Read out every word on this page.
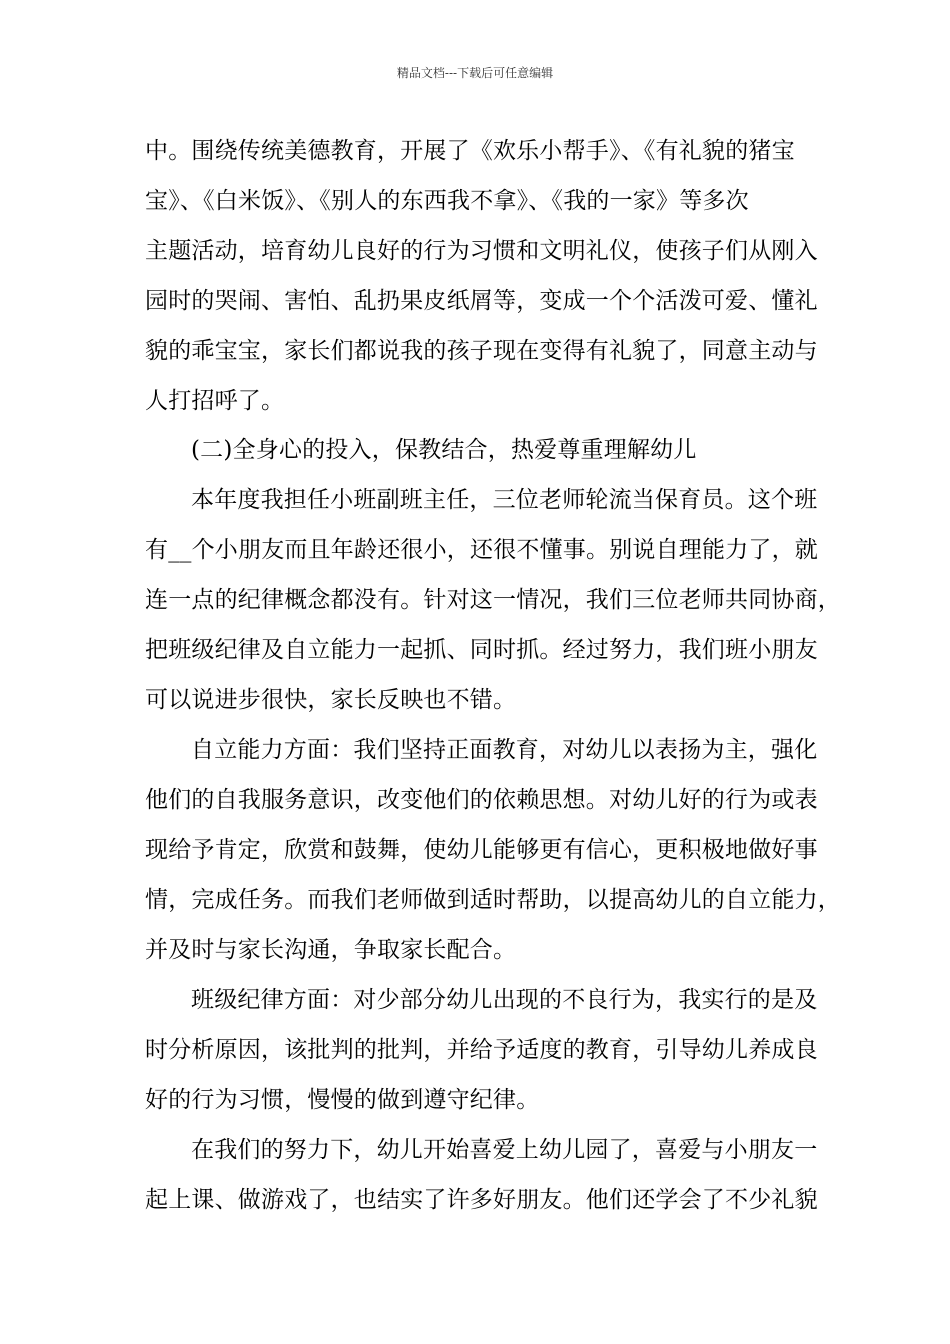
精品文档---下载后可任意编辑
中。围绕传统美德教育，开展了《欢乐小帮手》、《有礼貌的猪宝
宝》、《白米饭》、《别人的东西我不拿》、《我的一家》等多次
主题活动，培育幼儿良好的行为习惯和文明礼仪，使孩子们从刚入
园时的哭闹、害怕、乱扔果皮纸屑等，变成一个个活泼可爱、懂礼
貌的乖宝宝，家长们都说我的孩子现在变得有礼貌了，同意主动与
人打招呼了。
(二)全身心的投入，保教结合，热爱尊重理解幼儿
本年度我担任小班副班主任，三位老师轮流当保育员。这个班
有__个小朋友而且年龄还很小，还很不懂事。别说自理能力了，就
连一点的纪律概念都没有。针对这一情况，我们三位老师共同协商，
把班级纪律及自立能力一起抓、同时抓。经过努力，我们班小朋友
可以说进步很快，家长反映也不错。
自立能力方面：我们坚持正面教育，对幼儿以表扬为主，强化
他们的自我服务意识，改变他们的依赖思想。对幼儿好的行为或表
现给予肯定，欣赏和鼓舞，使幼儿能够更有信心，更积极地做好事
情，完成任务。而我们老师做到适时帮助，以提高幼儿的自立能力，
并及时与家长沟通，争取家长配合。
班级纪律方面：对少部分幼儿出现的不良行为，我实行的是及
时分析原因，该批判的批判，并给予适度的教育，引导幼儿养成良
好的行为习惯，慢慢的做到遵守纪律。
在我们的努力下，幼儿开始喜爱上幼儿园了，喜爱与小朋友一
起上课、做游戏了，也结实了许多好朋友。他们还学会了不少礼貌
